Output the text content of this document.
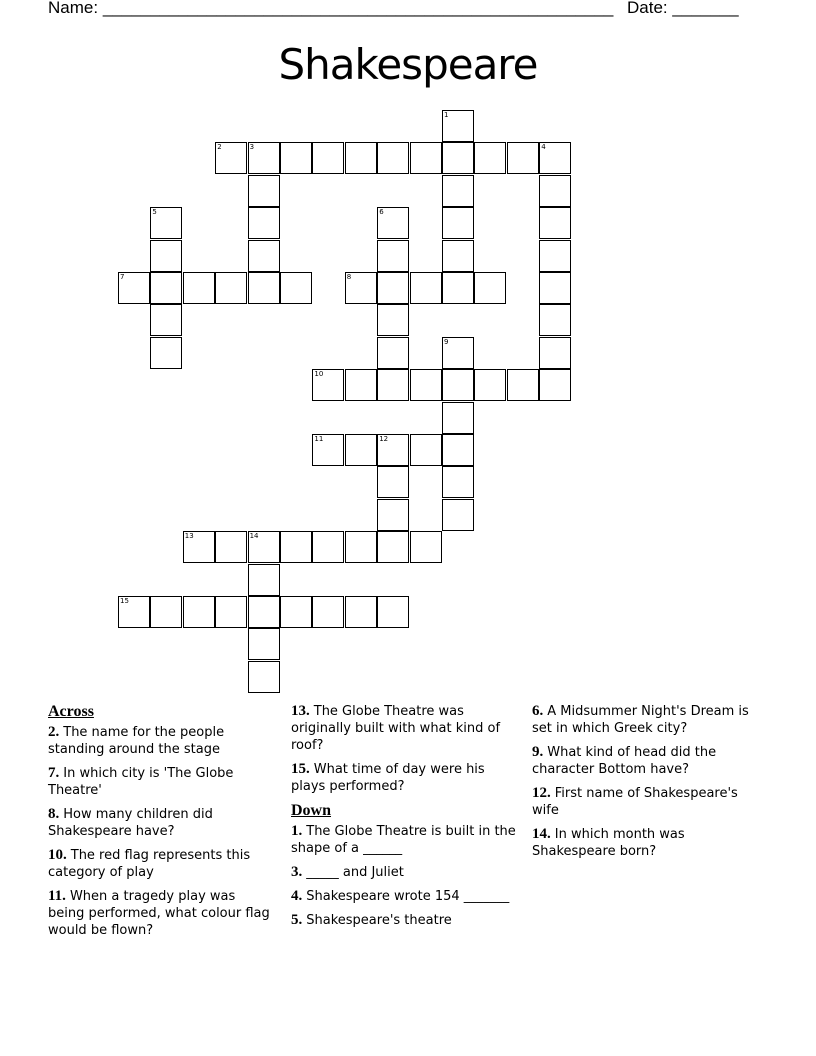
Name: ______________________________________________________ Date: _______
Shakespeare
1
2	3	4
5	6
7	8
9
10
11	12
13	14
15
Across
2. The name for the people standing around the stage
7. In which city is 'The Globe Theatre'
8. How many children did Shakespeare have?
10. The red flag represents this category of play
11. When a tragedy play was being performed, what colour flag would be flown?
13. The Globe Theatre was originally built with what kind of roof?
15. What time of day were his plays performed?
Down
1. The Globe Theatre is built in the shape of a ______
3. _____ and Juliet
4. Shakespeare wrote 154 _______
5. Shakespeare's theatre
6. A Midsummer Night's Dream is set in which Greek city?
9. What kind of head did the character Bottom have?
12. First name of Shakespeare's wife
14. In which month was Shakespeare born?
